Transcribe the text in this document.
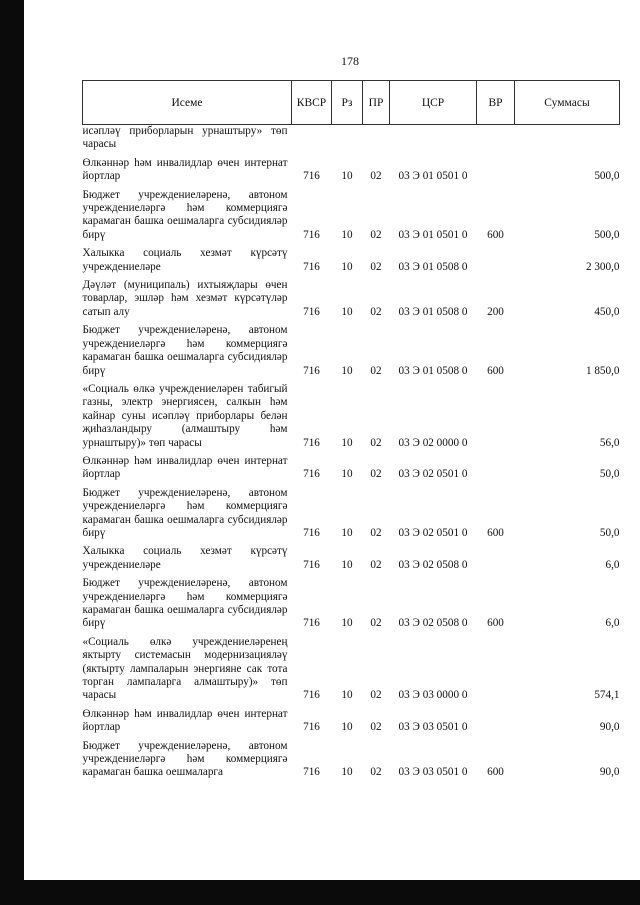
178
Исеме	КВСР	Рз	ПР	ЦСР	ВР	Суммасы
исәпләү приборларын урнаштыру» төп чарасы						
Өлкәннәр һәм инвалидлар өчен интернат йортлар	716	10	02	03 Э 01 0501 0		500,0
Бюджет учреждениеләренә, автоном учреждениеләргә һәм коммерциягә карамаган башка оешмаларга субсидияләр бирү	716	10	02	03 Э 01 0501 0	600	500,0
Халыкка социаль хезмәт күрсәтү учреждениеләре	716	10	02	03 Э 01 0508 0		2 300,0
Дәүләт (муниципаль) ихтыяҗлары өчен товарлар, эшләр һәм хезмәт күрсәтүләр сатып алу	716	10	02	03 Э 01 0508 0	200	450,0
Бюджет учреждениеләренә, автоном учреждениеләргә һәм коммерциягә карамаган башка оешмаларга субсидияләр бирү	716	10	02	03 Э 01 0508 0	600	1 850,0
«Социаль өлкә учреждениеләрен табигый газны, электр энергиясен, салкын һәм кайнар суны исәпләү приборлары белән җиһазландыру (алмаштыру һәм урнаштыру)» төп чарасы	716	10	02	03 Э 02 0000 0		56,0
Өлкәннәр һәм инвалидлар өчен интернат йортлар	716	10	02	03 Э 02 0501 0		50,0
Бюджет учреждениеләренә, автоном учреждениеләргә һәм коммерциягә карамаган башка оешмаларга субсидияләр бирү	716	10	02	03 Э 02 0501 0	600	50,0
Халыкка социаль хезмәт күрсәтү учреждениеләре	716	10	02	03 Э 02 0508 0		6,0
Бюджет учреждениеләренә, автоном учреждениеләргә һәм коммерциягә карамаган башка оешмаларга субсидияләр бирү	716	10	02	03 Э 02 0508 0	600	6,0
«Социаль өлкә учреждениеләренең яктырту системасын модернизацияләү (яктырту лампаларын энергияне сак тота торган лампаларга алмаштыру)» төп чарасы	716	10	02	03 Э 03 0000 0		574,1
Өлкәннәр һәм инвалидлар өчен интернат йортлар	716	10	02	03 Э 03 0501 0		90,0
Бюджет учреждениеләренә, автоном учреждениеләргә һәм коммерциягә карамаган башка оешмаларга	716	10	02	03 Э 03 0501 0	600	90,0
